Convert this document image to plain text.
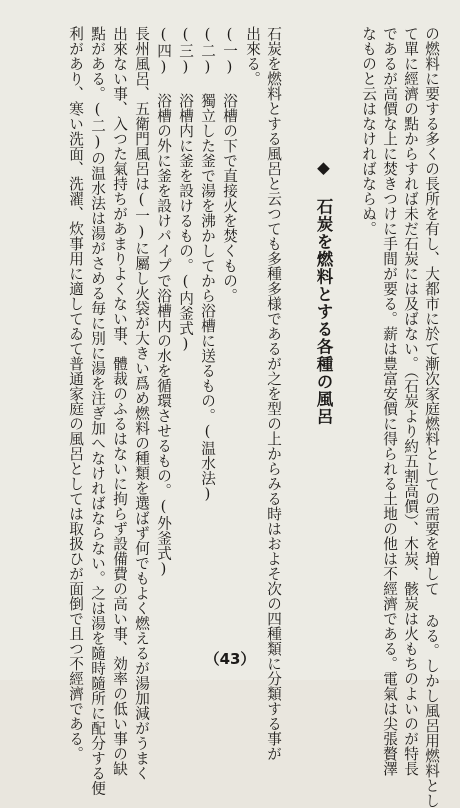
の燃料に要する多くの長所を有し、大都市に於て漸次家庭燃料としての需要を増して ゐる。しかし風呂用燃料とし
て單に經濟の點からすれば未だ石炭には及ばない。（石炭より約五割高價）、木炭、骸炭は火もちのよいのが特長
であるが高價な上に焚きつけに手間が要る。薪は豊富安價に得られる土地の他は不經濟である。電氣は尖張贅澤
なものと云はなければならぬ。
◆ 石炭を燃料とする各種の風呂
石炭を燃料とする風呂と云つても多種多様であるが之を型の上からみる時はおよそ次の四種類に分類する事が
出來る。
(一) 浴槽の下で直接火を焚くもの。
(二) 獨立した釜で湯を沸かしてから浴槽に送るもの。(温水法)
(三) 浴槽内に釜を設けるもの。(内釜式)
(四) 浴槽の外に釜を設けパイプで浴槽内の水を循環させるもの。(外釜式)
長州風呂、五衛門風呂は(一)に屬し火袋が大きい爲め燃料の種類を選ばず何でもよく燃えるが湯加減がうまく
出來ない事、入つた氣持ちがあまりよくない事、體裁のふるはないに拘らず設備費の高い事、効率の低い事の缺
點がある。(二)の温水法は湯がさめる毎に別に湯を注ぎ加へなければならない。之は湯を隨時隨所に配分する便
利があり、寒い洗面、洗濯、炊事用に適してゐて普通家庭の風呂としては取扱ひが面倒で且つ不經濟である。	（43）
